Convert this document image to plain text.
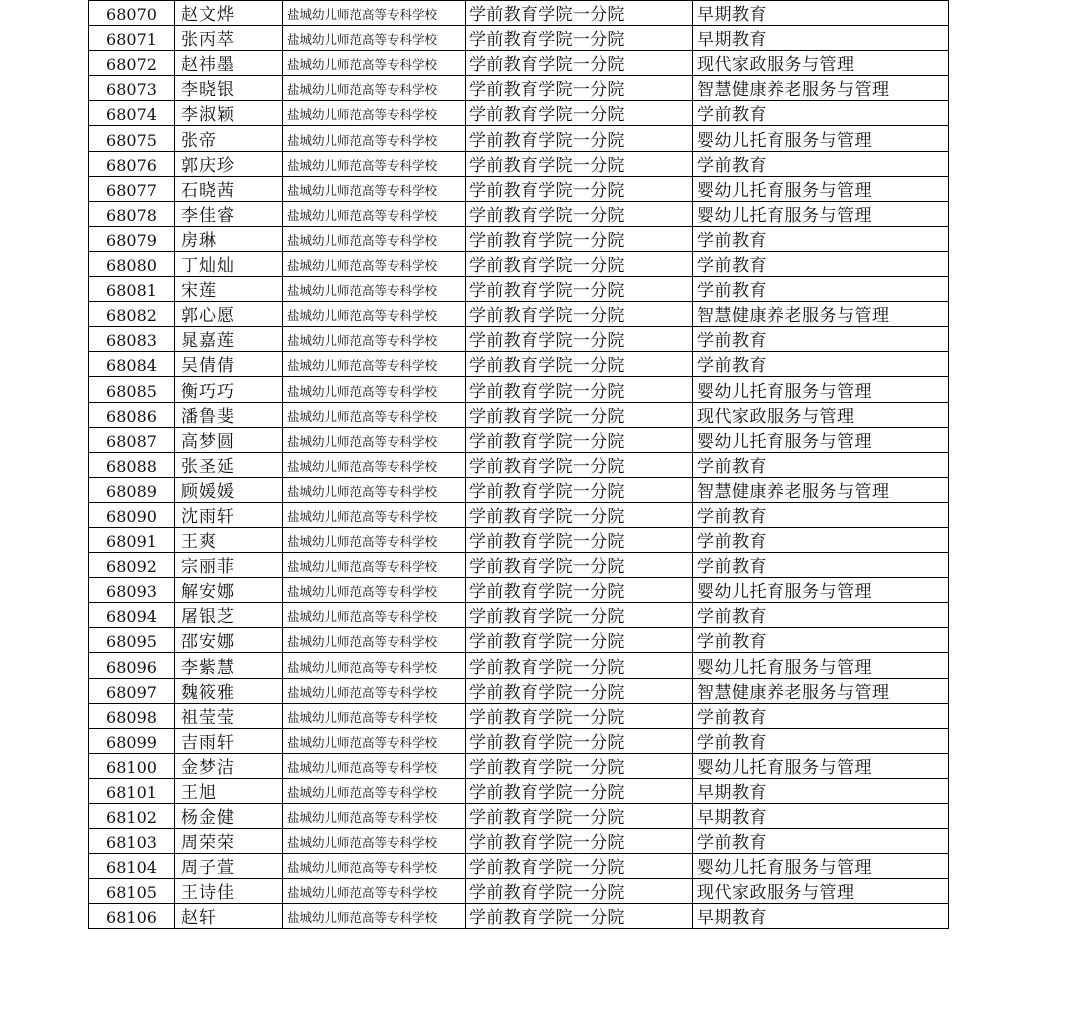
68070	赵文烨	盐城幼儿师范高等专科学校	学前教育学院一分院	早期教育
68071	张丙萃	盐城幼儿师范高等专科学校	学前教育学院一分院	早期教育
68072	赵祎墨	盐城幼儿师范高等专科学校	学前教育学院一分院	现代家政服务与管理
68073	李晓银	盐城幼儿师范高等专科学校	学前教育学院一分院	智慧健康养老服务与管理
68074	李淑颖	盐城幼儿师范高等专科学校	学前教育学院一分院	学前教育
68075	张帝	盐城幼儿师范高等专科学校	学前教育学院一分院	婴幼儿托育服务与管理
68076	郭庆珍	盐城幼儿师范高等专科学校	学前教育学院一分院	学前教育
68077	石晓茜	盐城幼儿师范高等专科学校	学前教育学院一分院	婴幼儿托育服务与管理
68078	李佳睿	盐城幼儿师范高等专科学校	学前教育学院一分院	婴幼儿托育服务与管理
68079	房琳	盐城幼儿师范高等专科学校	学前教育学院一分院	学前教育
68080	丁灿灿	盐城幼儿师范高等专科学校	学前教育学院一分院	学前教育
68081	宋莲	盐城幼儿师范高等专科学校	学前教育学院一分院	学前教育
68082	郭心愿	盐城幼儿师范高等专科学校	学前教育学院一分院	智慧健康养老服务与管理
68083	晁嘉莲	盐城幼儿师范高等专科学校	学前教育学院一分院	学前教育
68084	吴倩倩	盐城幼儿师范高等专科学校	学前教育学院一分院	学前教育
68085	衡巧巧	盐城幼儿师范高等专科学校	学前教育学院一分院	婴幼儿托育服务与管理
68086	潘鲁斐	盐城幼儿师范高等专科学校	学前教育学院一分院	现代家政服务与管理
68087	高梦圆	盐城幼儿师范高等专科学校	学前教育学院一分院	婴幼儿托育服务与管理
68088	张圣延	盐城幼儿师范高等专科学校	学前教育学院一分院	学前教育
68089	顾媛媛	盐城幼儿师范高等专科学校	学前教育学院一分院	智慧健康养老服务与管理
68090	沈雨轩	盐城幼儿师范高等专科学校	学前教育学院一分院	学前教育
68091	王爽	盐城幼儿师范高等专科学校	学前教育学院一分院	学前教育
68092	宗丽菲	盐城幼儿师范高等专科学校	学前教育学院一分院	学前教育
68093	解安娜	盐城幼儿师范高等专科学校	学前教育学院一分院	婴幼儿托育服务与管理
68094	屠银芝	盐城幼儿师范高等专科学校	学前教育学院一分院	学前教育
68095	邵安娜	盐城幼儿师范高等专科学校	学前教育学院一分院	学前教育
68096	李紫慧	盐城幼儿师范高等专科学校	学前教育学院一分院	婴幼儿托育服务与管理
68097	魏筱雅	盐城幼儿师范高等专科学校	学前教育学院一分院	智慧健康养老服务与管理
68098	祖莹莹	盐城幼儿师范高等专科学校	学前教育学院一分院	学前教育
68099	吉雨轩	盐城幼儿师范高等专科学校	学前教育学院一分院	学前教育
68100	金梦洁	盐城幼儿师范高等专科学校	学前教育学院一分院	婴幼儿托育服务与管理
68101	王旭	盐城幼儿师范高等专科学校	学前教育学院一分院	早期教育
68102	杨金健	盐城幼儿师范高等专科学校	学前教育学院一分院	早期教育
68103	周荣荣	盐城幼儿师范高等专科学校	学前教育学院一分院	学前教育
68104	周子萱	盐城幼儿师范高等专科学校	学前教育学院一分院	婴幼儿托育服务与管理
68105	王诗佳	盐城幼儿师范高等专科学校	学前教育学院一分院	现代家政服务与管理
68106	赵轩	盐城幼儿师范高等专科学校	学前教育学院一分院	早期教育
